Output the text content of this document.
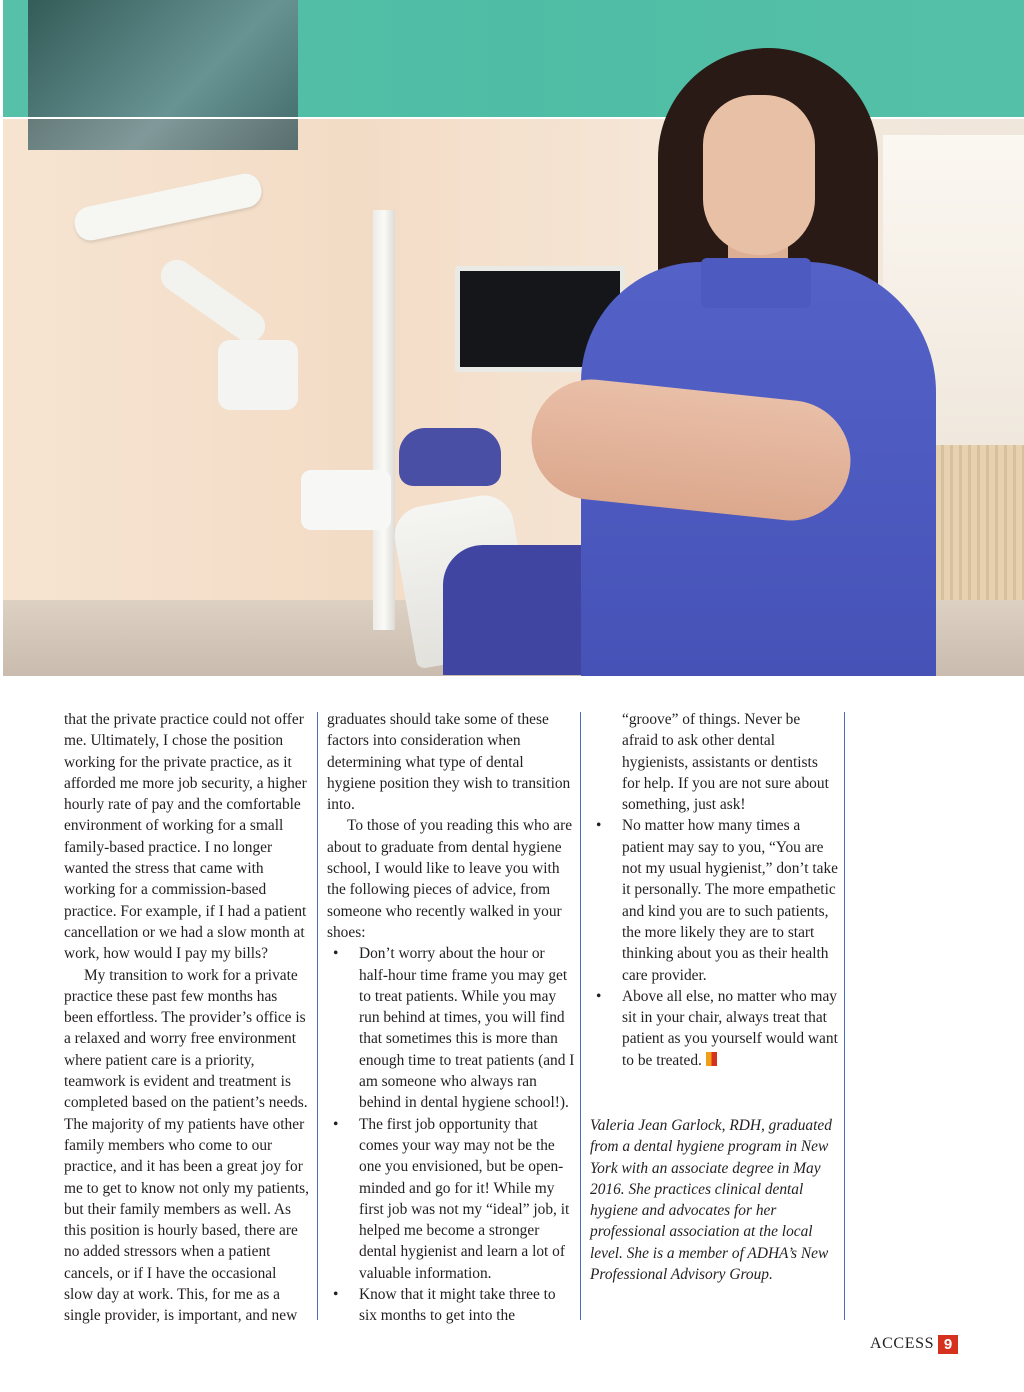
that the private practice could not offer me. Ultimately, I chose the position working for the private practice, as it afforded me more job security, a higher hourly rate of pay and the comfortable environment of working for a small family-based practice. I no longer wanted the stress that came with working for a commission-based practice. For example, if I had a patient cancellation or we had a slow month at work, how would I pay my bills?

My transition to work for a private practice these past few months has been effortless. The provider’s office is a relaxed and worry free environment where patient care is a priority, teamwork is evident and treatment is completed based on the patient’s needs. The majority of my patients have other family members who come to our practice, and it has been a great joy for me to get to know not only my patients, but their family members as well. As this position is hourly based, there are no added stressors when a patient cancels, or if I have the occasional slow day at work. This, for me as a single provider, is important, and new

graduates should take some of these factors into consideration when determining what type of dental hygiene position they wish to transition into.

To those of you reading this who are about to graduate from dental hygiene school, I would like to leave you with the following pieces of advice, from someone who recently walked in your shoes:

• Don’t worry about the hour or half-hour time frame you may get to treat patients. While you may run behind at times, you will find that sometimes this is more than enough time to treat patients (and I am someone who always ran behind in dental hygiene school!).
• The first job opportunity that comes your way may not be the one you envisioned, but be open-minded and go for it! While my first job was not my “ideal” job, it helped me become a stronger dental hygienist and learn a lot of valuable information.
• Know that it might take three to six months to get into the

“groove” of things. Never be afraid to ask other dental hygienists, assistants or dentists for help. If you are not sure about something, just ask!

• No matter how many times a patient may say to you, “You are not my usual hygienist,” don’t take it personally. The more empathetic and kind you are to such patients, the more likely they are to start thinking about you as their health care provider.
• Above all else, no matter who may sit in your chair, always treat that patient as you yourself would want to be treated.
Valeria Jean Garlock, RDH, graduated from a dental hygiene program in New York with an associate degree in May 2016. She practices clinical dental hygiene and advocates for her professional association at the local level. She is a member of ADHA’s New Professional Advisory Group.
ACCESS 9
